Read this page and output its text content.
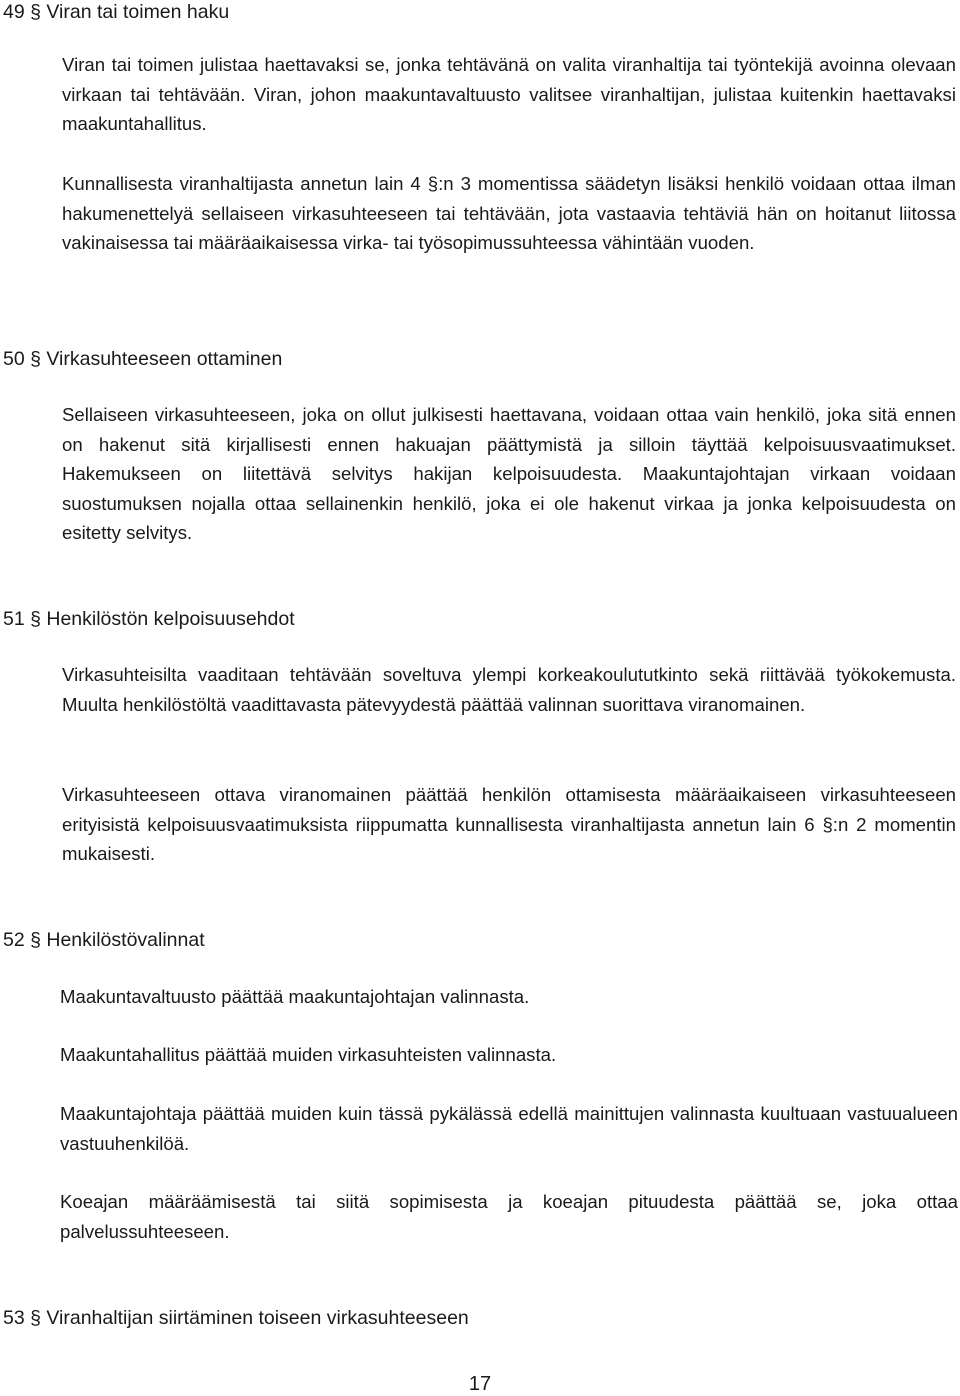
49 § Viran tai toimen haku

Viran tai toimen julistaa haettavaksi se, jonka tehtävänä on valita viranhaltija tai työntekijä avoinna olevaan virkaan tai tehtävään. Viran, johon maakuntavaltuusto valitsee viranhaltijan, julistaa kuitenkin haettavaksi maakuntahallitus.

Kunnallisesta viranhaltijasta annetun lain 4 §:n 3 momentissa säädetyn lisäksi henkilö voidaan ottaa ilman hakumenettelyä sellaiseen virkasuhteeseen tai tehtävään, jota vastaavia tehtäviä hän on hoitanut liitossa vakinaisessa tai määräaikaisessa virka- tai työsopimussuhteessa vähintään vuoden.

50 § Virkasuhteeseen ottaminen

Sellaiseen virkasuhteeseen, joka on ollut julkisesti haettavana, voidaan ottaa vain henkilö, joka sitä ennen on hakenut sitä kirjallisesti ennen hakuajan päättymistä ja silloin täyttää kelpoisuusvaatimukset. Hakemukseen on liitettävä selvitys hakijan kelpoisuudesta. Maakuntajohtajan virkaan voidaan suostumuksen nojalla ottaa sellainenkin henkilö, joka ei ole hakenut virkaa ja jonka kelpoisuudesta on esitetty selvitys.

51 § Henkilöstön kelpoisuusehdot

Virkasuhteisilta vaaditaan tehtävään soveltuva ylempi korkeakoulututkinto sekä riittävää työkokemusta. Muulta henkilöstöltä vaadittavasta pätevyydestä päättää valinnan suorittava viranomainen.

Virkasuhteeseen ottava viranomainen päättää henkilön ottamisesta määräaikaiseen virkasuhteeseen erityisistä kelpoisuusvaatimuksista riippumatta kunnallisesta viranhaltijasta annetun lain 6 §:n 2 momentin mukaisesti.

52 § Henkilöstövalinnat

Maakuntavaltuusto päättää maakuntajohtajan valinnasta.

Maakuntahallitus päättää muiden virkasuhteisten valinnasta.

Maakuntajohtaja päättää muiden kuin tässä pykälässä edellä mainittujen valinnasta kuultuaan vastuualueen vastuuhenkilöä.

Koeajan määräämisestä tai siitä sopimisesta ja koeajan pituudesta päättää se, joka ottaa palvelussuhteeseen.

53 § Viranhaltijan siirtäminen toiseen virkasuhteeseen
17
